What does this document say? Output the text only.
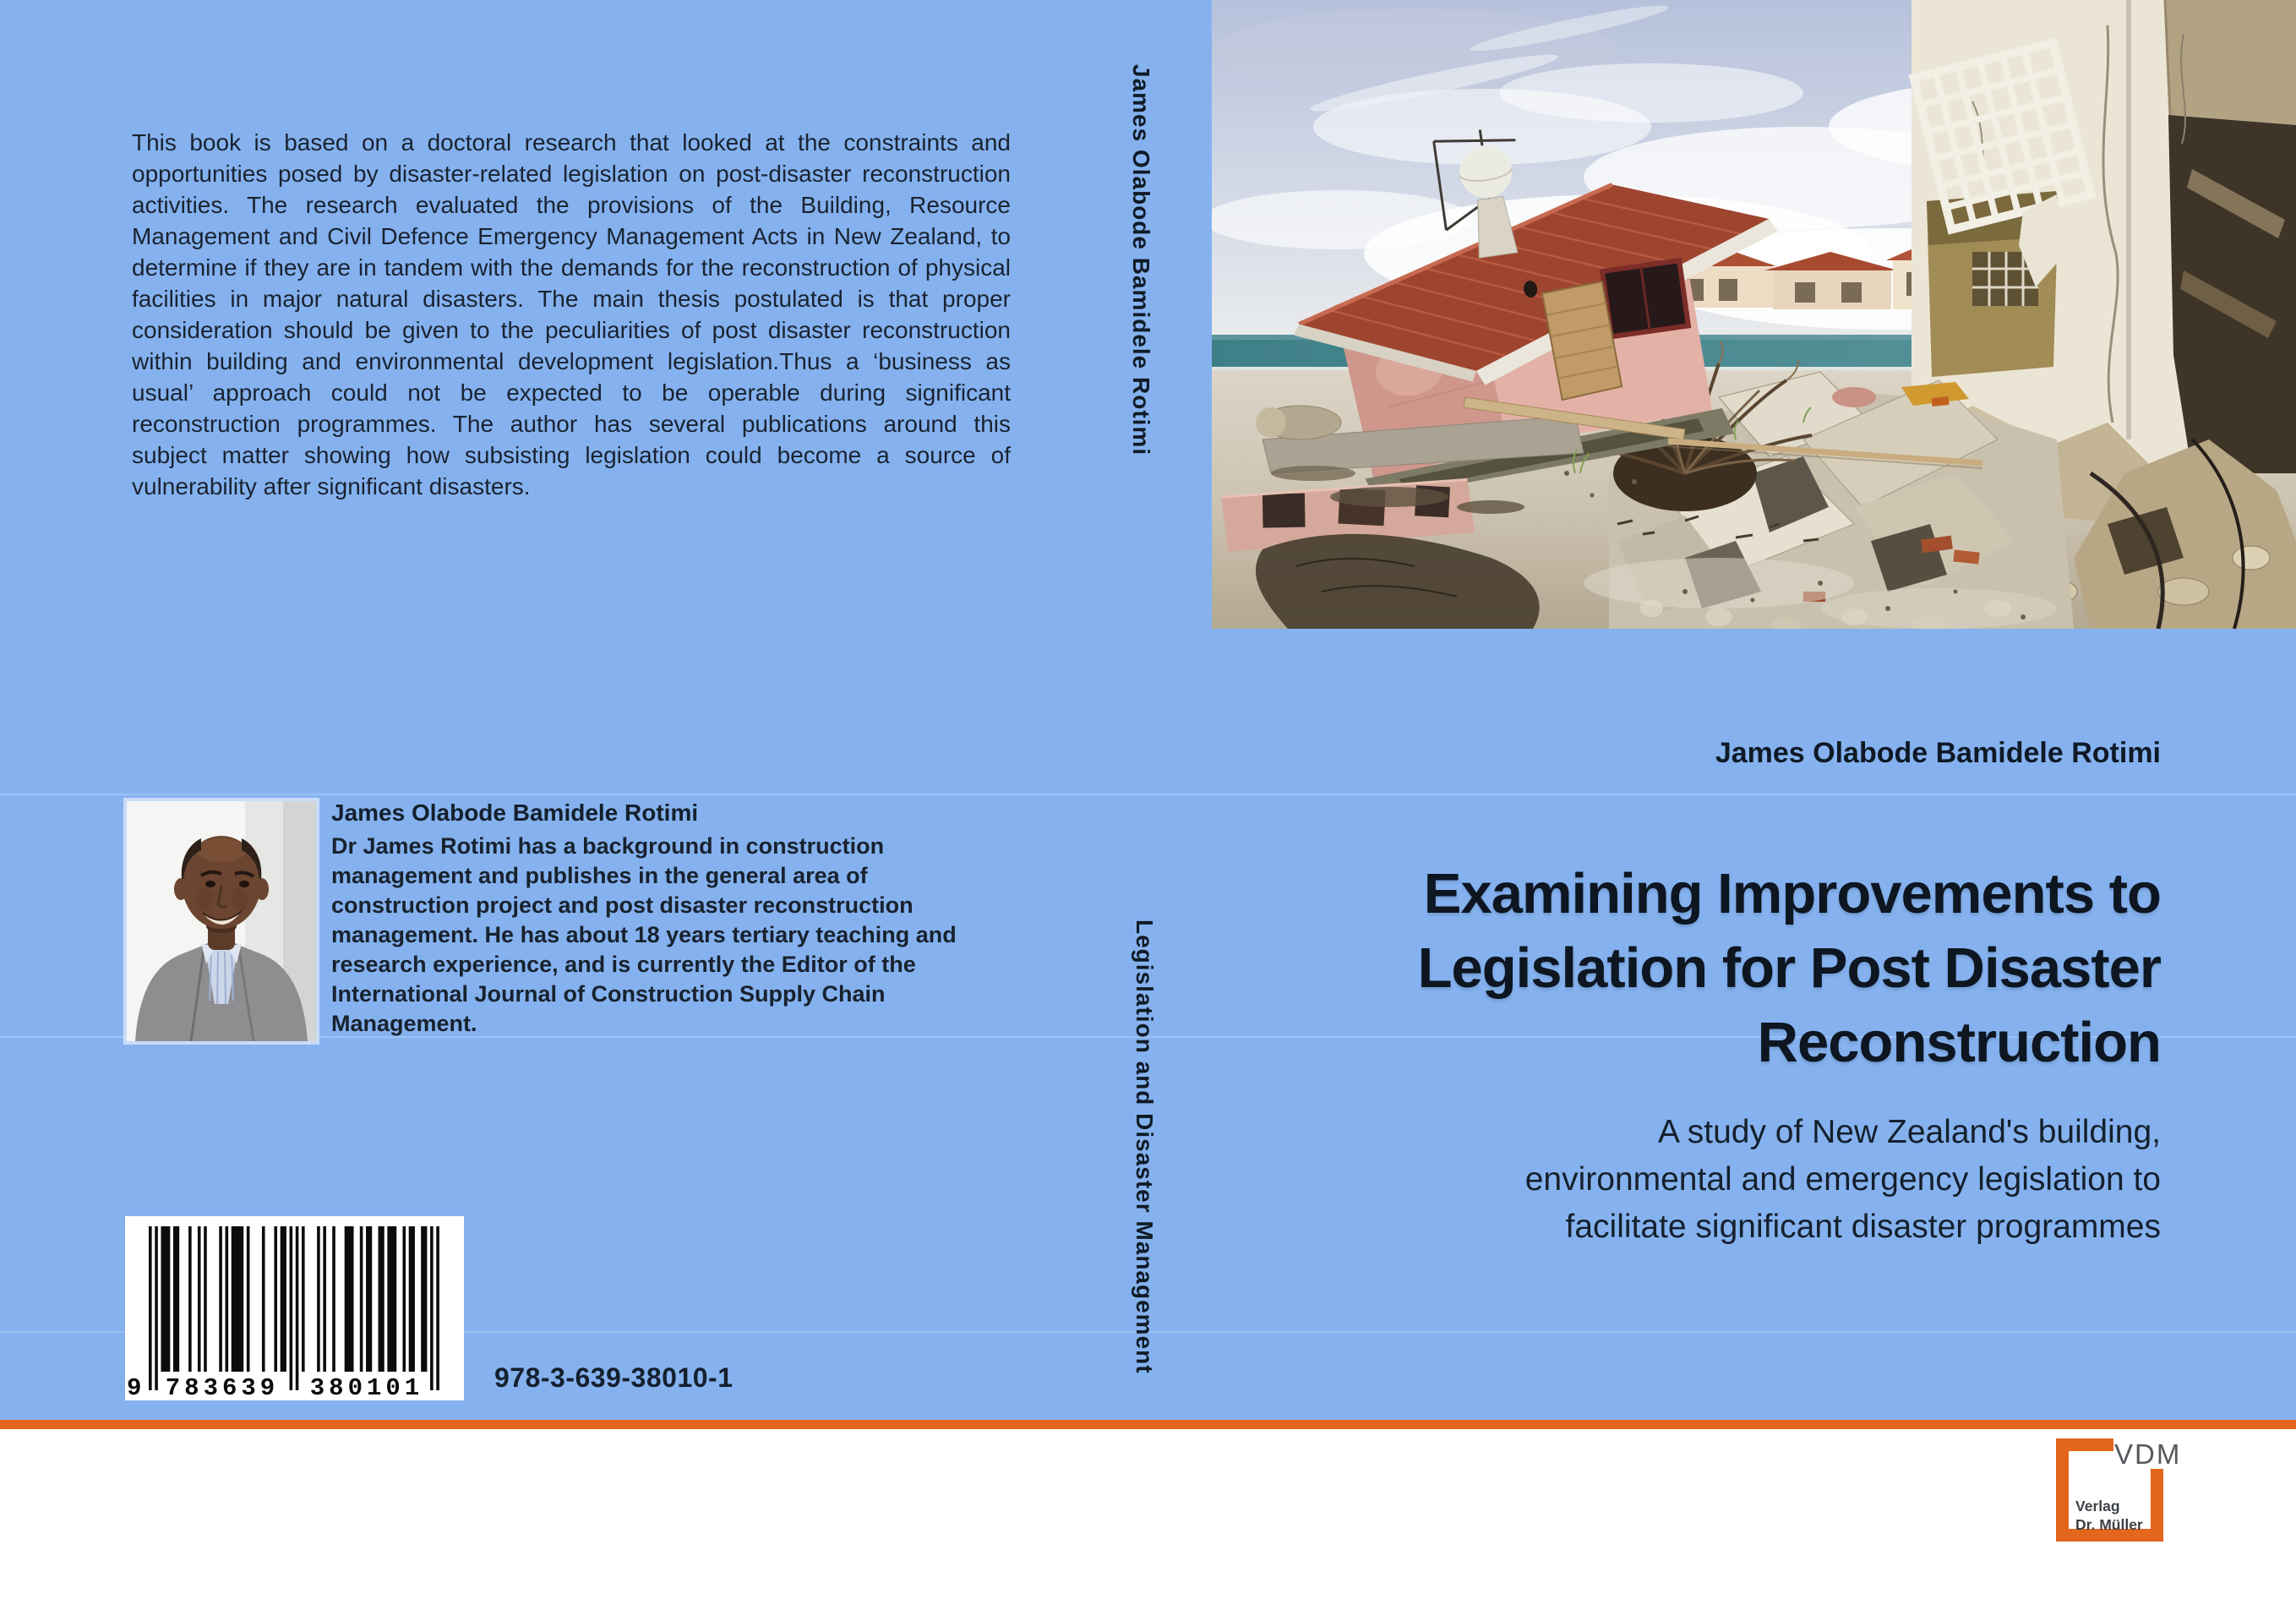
This book is based on a doctoral research that looked at the constraints and opportunities posed by disaster-related legislation on post-disaster reconstruction activities. The research evaluated the provisions of the Building, Resource Management and Civil Defence Emergency Management Acts in New Zealand, to determine if they are in tandem with the demands for the reconstruction of physical facilities in major natural disasters. The main thesis postulated is that proper consideration should be given to the peculiarities of post disaster reconstruction within building and environmental development legislation.Thus a ‘business as usual’ approach could not be expected to be operable during significant reconstruction programmes. The author has several publications around this subject matter showing how subsisting legislation could become a source of vulnerability after significant disasters.
James Olabode Bamidele Rotimi
Dr James Rotimi has a background in construction management and publishes in the general area of construction project and post disaster reconstruction management. He has about 18 years tertiary teaching and research experience, and is currently the Editor of the International Journal of Construction Supply Chain Management.
9 783639 380101	978-3-639-38010-1
James Olabode Bamidele Rotimi
Legislation and Disaster Management
James Olabode Bamidele Rotimi
Examining Improvements to
Legislation for Post Disaster
Reconstruction
A study of New Zealand's building,
environmental and emergency legislation to
facilitate significant disaster programmes
VDM
Verlag
Dr. Müller
